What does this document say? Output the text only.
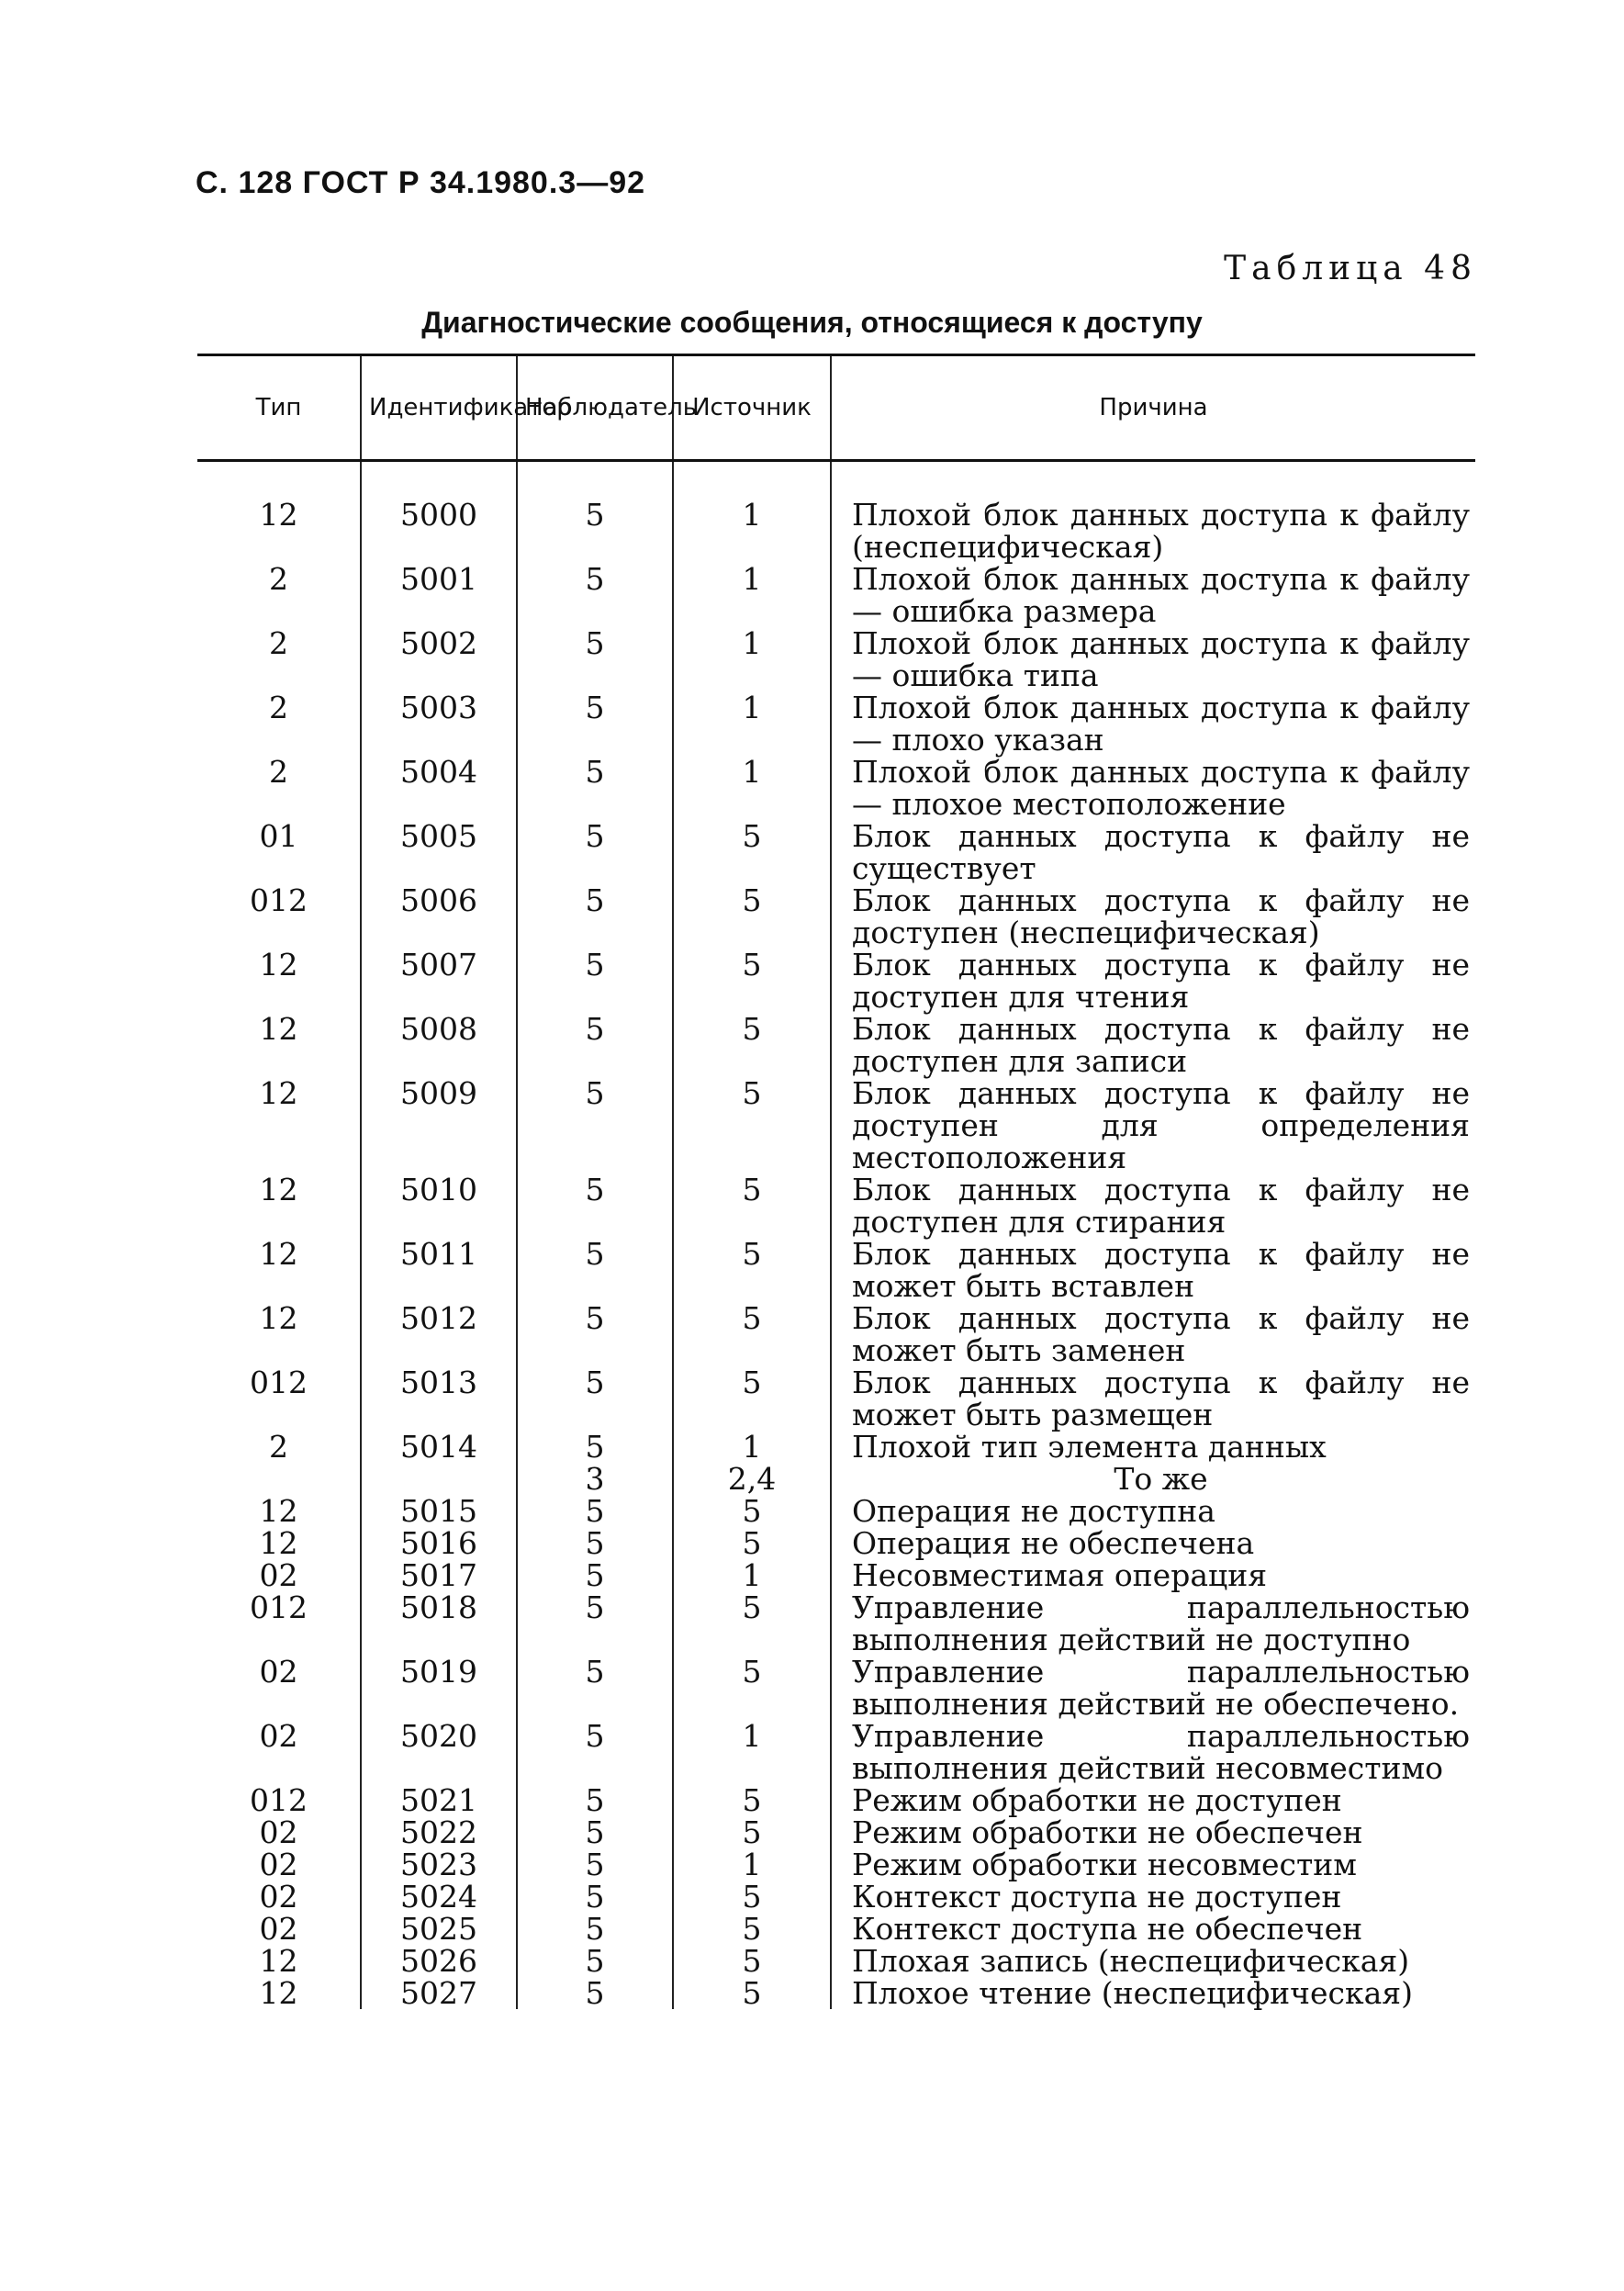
С. 128 ГОСТ Р 34.1980.3—92
Таблица 48
Диагностические сообщения, относящиеся к доступу
Тип	Идентификатор	Наблюдатель	Источник	Причина
12	5000	5	1	Плохой блок данных доступа к файлу (неспецифическая)
2	5001	5	1	Плохой блок данных доступа к файлу — ошибка размера
2	5002	5	1	Плохой блок данных доступа к файлу — ошибка типа
2	5003	5	1	Плохой блок данных доступа к файлу — плохо указан
2	5004	5	1	Плохой блок данных доступа к файлу — плохое местоположение
01	5005	5	5	Блок данных доступа к файлу не существует
012	5006	5	5	Блок данных доступа к файлу не доступен (неспецифическая)
12	5007	5	5	Блок данных доступа к файлу не доступен для чтения
12	5008	5	5	Блок данных доступа к файлу не доступен для записи
12	5009	5	5	Блок данных доступа к файлу не доступен для определения местоположения
12	5010	5	5	Блок данных доступа к файлу не доступен для стирания
12	5011	5	5	Блок данных доступа к файлу не может быть вставлен
12	5012	5	5	Блок данных доступа к файлу не может быть заменен
012	5013	5	5	Блок данных доступа к файлу не может быть размещен
2	5014	5	1	Плохой тип элемента данных
		3	2,4	То же
12	5015	5	5	Операция не доступна
12	5016	5	5	Операция не обеспечена
02	5017	5	1	Несовместимая операция
012	5018	5	5	Управление параллельностью выполнения действий не доступно
02	5019	5	5	Управление параллельностью выполнения действий не обеспечено.
02	5020	5	1	Управление параллельностью выполнения действий несовместимо
012	5021	5	5	Режим обработки не доступен
02	5022	5	5	Режим обработки не обеспечен
02	5023	5	1	Режим обработки несовместим
02	5024	5	5	Контекст доступа не доступен
02	5025	5	5	Контекст доступа не обеспечен
12	5026	5	5	Плохая запись (неспецифическая)
12	5027	5	5	Плохое чтение (неспецифическая)
